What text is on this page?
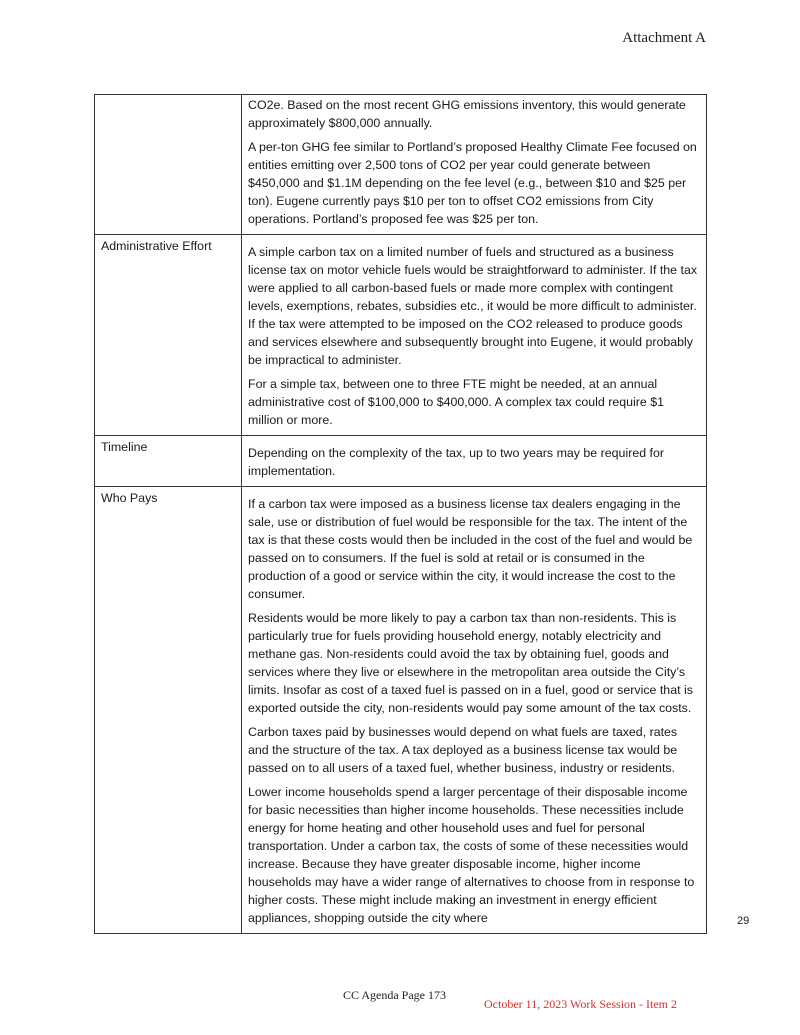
Attachment A

	CO2e. Based on the most recent GHG emissions inventory, this would generate approximately $800,000 annually.

A per-ton GHG fee similar to Portland’s proposed Healthy Climate Fee focused on entities emitting over 2,500 tons of CO2 per year could generate between $450,000 and $1.1M depending on the fee level (e.g., between $10 and $25 per ton). Eugene currently pays $10 per ton to offset CO2 emissions from City operations. Portland’s proposed fee was $25 per ton.

Administrative Effort	A simple carbon tax on a limited number of fuels and structured as a business license tax on motor vehicle fuels would be straightforward to administer. If the tax were applied to all carbon-based fuels or made more complex with contingent levels, exemptions, rebates, subsidies etc., it would be more difficult to administer. If the tax were attempted to be imposed on the CO2 released to produce goods and services elsewhere and subsequently brought into Eugene, it would probably be impractical to administer.

For a simple tax, between one to three FTE might be needed, at an annual administrative cost of $100,000 to $400,000. A complex tax could require $1 million or more.

Timeline	Depending on the complexity of the tax, up to two years may be required for implementation.

Who Pays	If a carbon tax were imposed as a business license tax dealers engaging in the sale, use or distribution of fuel would be responsible for the tax. The intent of the tax is that these costs would then be included in the cost of the fuel and would be passed on to consumers. If the fuel is sold at retail or is consumed in the production of a good or service within the city, it would increase the cost to the consumer.

Residents would be more likely to pay a carbon tax than non-residents. This is particularly true for fuels providing household energy, notably electricity and methane gas. Non-residents could avoid the tax by obtaining fuel, goods and services where they live or elsewhere in the metropolitan area outside the City’s limits. Insofar as cost of a taxed fuel is passed on in a fuel, good or service that is exported outside the city, non-residents would pay some amount of the tax costs.

Carbon taxes paid by businesses would depend on what fuels are taxed, rates and the structure of the tax. A tax deployed as a business license tax would be passed on to all users of a taxed fuel, whether business, industry or residents.

Lower income households spend a larger percentage of their disposable income for basic necessities than higher income households. These necessities include energy for home heating and other household uses and fuel for personal transportation. Under a carbon tax, the costs of some of these necessities would increase. Because they have greater disposable income, higher income households may have a wider range of alternatives to choose from in response to higher costs. These might include making an investment in energy efficient appliances, shopping outside the city where	29
CC Agenda Page 173
October 11, 2023 Work Session - Item 2
